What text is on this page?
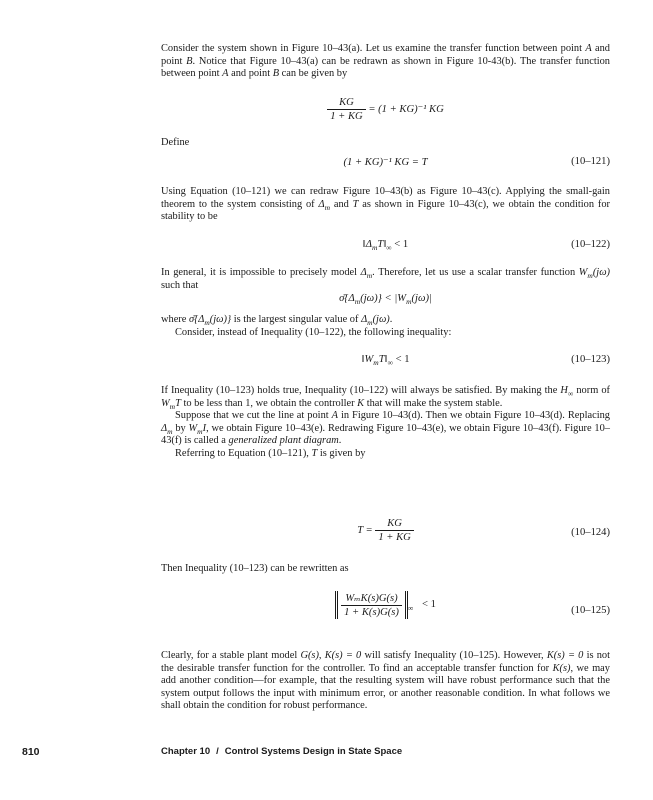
Consider the system shown in Figure 10–43(a). Let us examine the transfer function between point A and point B. Notice that Figure 10–43(a) can be redrawn as shown in Figure 10-43(b). The transfer function between point A and point B can be given by

$\frac{KG}{1 + KG} = (1 + KG)^{-1}$ KG

Define

(1 + KG)⁻¹ KG = T	(10–121)

Using Equation (10–121) we can redraw Figure 10–43(b) as Figure 10–43(c). Applying the small-gain theorem to the system consisting of $\Delta_m$ and T as shown in Figure 10–43(c), we obtain the condition for stability to be

$‖\Delta_mT‖_\infty < 1$	(10–122)

In general, it is impossible to precisely model $\Delta_m$. Therefore, let us use a scalar transfer function $W_m(j\omega)$ such that

$\sigmā\{\Delta_m(j\omega)\} < |W_m(j\omega)|$

where $\sigmā\{\Delta_m(j\omega)\}$ is the largest singular value of $\Delta_m(j\omega)$.

Consider, instead of Inequality (10–122), the following inequality:

$‖W_mT‖_\infty < 1$	(10–123)

If Inequality (10–123) holds true, Inequality (10–122) will always be satisfied. By making the $H_\infty$ norm of $W_mT$ to be less than 1, we obtain the controller K that will make the system stable.

Suppose that we cut the line at point A in Figure 10–43(d). Then we obtain Figure 10–43(d). Replacing $\Delta_m$ by $W_mI$, we obtain Figure 10–43(e). Redrawing Figure 10–43(e), we obtain Figure 10–43(f). Figure 10–43(f) is called a generalized plant diagram.

Referring to Equation (10–121), T is given by

$T = \frac{KG}{1 + KG}$	(10–124)

Then Inequality (10–123) can be rewritten as

$\frac{\text{WₘK(s)G(s)}}{1 + K(s)G(s)} _\infty < 1$
(10–125)

Clearly, for a stable plant model G(s), K(s) = 0 will satisfy Inequality (10–125). However, K(s) = 0 is not the desirable transfer function for the controller. To find an acceptable transfer function for K(s), we may add another condition—for example, that the resulting system will have robust performance such that the system output follows the input with minimum error, or another reasonable condition. In what follows we shall obtain the condition for robust performance.

810	Chapter 10 / Control Systems Design in State Space
